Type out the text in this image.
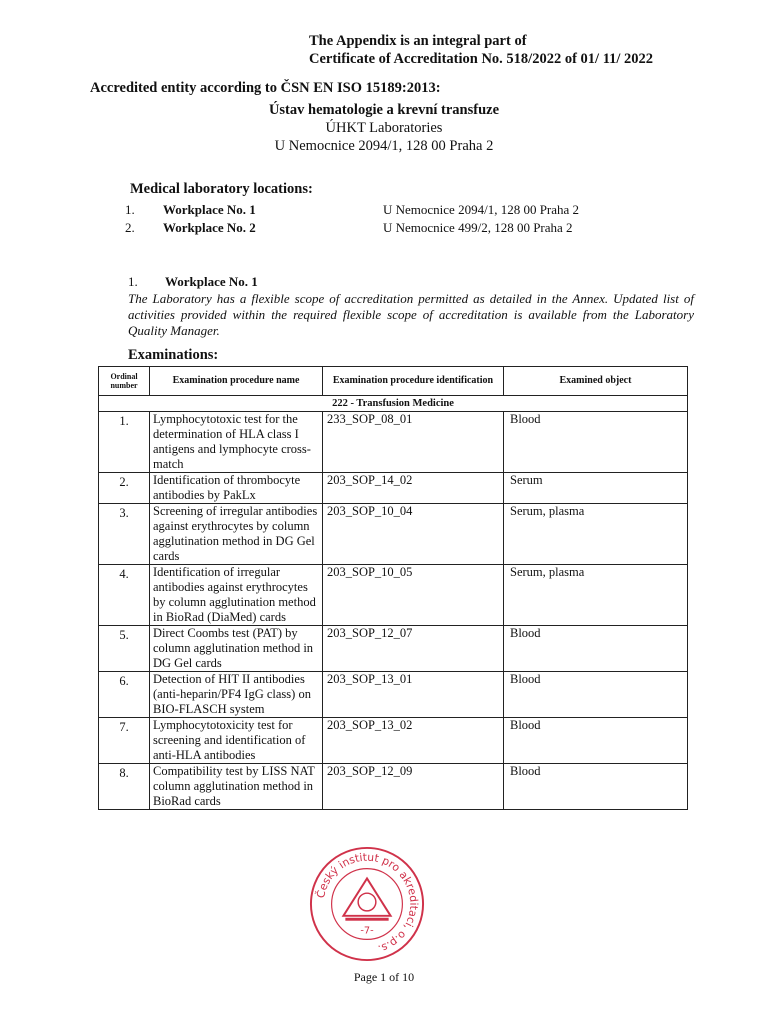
The Appendix is an integral part of
Certificate of Accreditation No. 518/2022 of 01/ 11/ 2022
Accredited entity according to ČSN EN ISO 15189:2013:
Ústav hematologie a krevní transfuze
ÚHKT Laboratories
U Nemocnice 2094/1, 128 00 Praha 2
Medical laboratory locations:
1. Workplace No. 1	U Nemocnice 2094/1, 128 00 Praha 2
2. Workplace No. 2	U Nemocnice 499/2, 128 00 Praha 2
1. Workplace No. 1
The Laboratory has a flexible scope of accreditation permitted as detailed in the Annex. Updated list of activities provided within the required flexible scope of accreditation is available from the Laboratory Quality Manager.
Examinations:
Ordinal number	Examination procedure name	Examination procedure identification	Examined object
222 - Transfusion Medicine			
1.	Lymphocytotoxic test for the determination of HLA class I antigens and lymphocyte cross-match	233_SOP_08_01	Blood
2.	Identification of thrombocyte antibodies by PakLx	203_SOP_14_02	Serum
3.	Screening of irregular antibodies against erythrocytes by column agglutination method in DG Gel cards	203_SOP_10_04	Serum, plasma
4.	Identification of irregular antibodies against erythrocytes by column agglutination method in BioRad (DiaMed) cards	203_SOP_10_05	Serum, plasma
5.	Direct Coombs test (PAT) by column agglutination method in DG Gel cards	203_SOP_12_07	Blood
6.	Detection of HIT II antibodies (anti-heparin/PF4 IgG class) on BIO-FLASCH system	203_SOP_13_01	Blood
7.	Lymphocytotoxicity test for screening and identification of anti-HLA antibodies	203_SOP_13_02	Blood
8.	Compatibility test by LISS NAT column agglutination method in BioRad cards	203_SOP_12_09	Blood
Český institut pro akreditaci, o.p.s.
-7-
Page 1 of 10
